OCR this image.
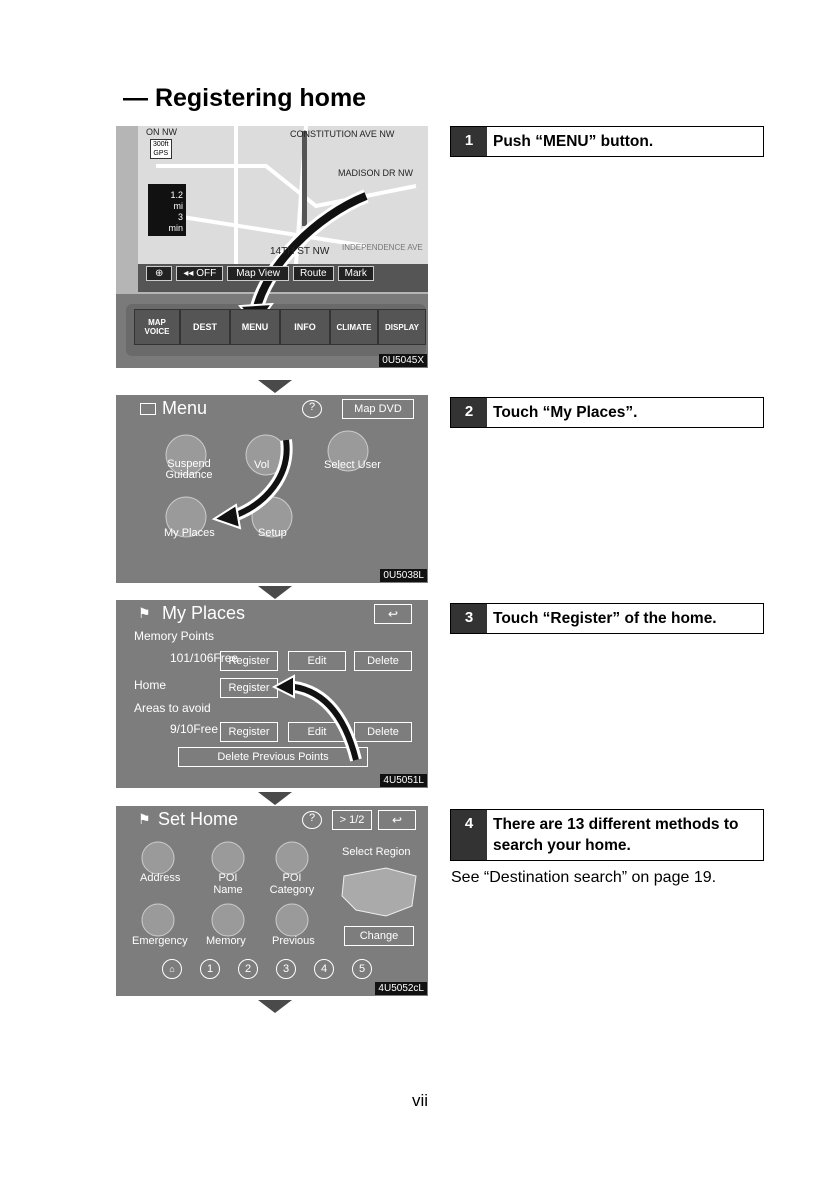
— Registering home
ON NW	CONSTITUTION AVE NW
MADISON DR NW
14TH ST NW INDEPENDENCE AVE
300ft
GPS
1.2
mi
3
min
⊕	◂◂ OFF	Map View	Route	Mark
MAP VOICE	DEST	MENU	INFO	CLIMATE	DISPLAY
0U5045X
Menu	?	Map DVD
Suspend Guidance
Vol	Select User
My Places	Setup
0U5038L
⚑ My Places	↩
Memory Points
101/106Free
Register	Edit	Delete
Home	Register
Areas to avoid
9/10Free Register	Edit	Delete
Delete Previous Points
4U5051L
⚑ Set Home	?	> 1/2	↩
Address	POI Name
POI Category
Select Region
Emergency Memory Previous	Change
⌂	1	2	3	4	5
4U5052cL
1	Push “MENU” button.
2	Touch “My Places”.
3	Touch “Register” of the home.
4	There are 13 different methods to search your home.
See “Destination search” on page 19.
vii
